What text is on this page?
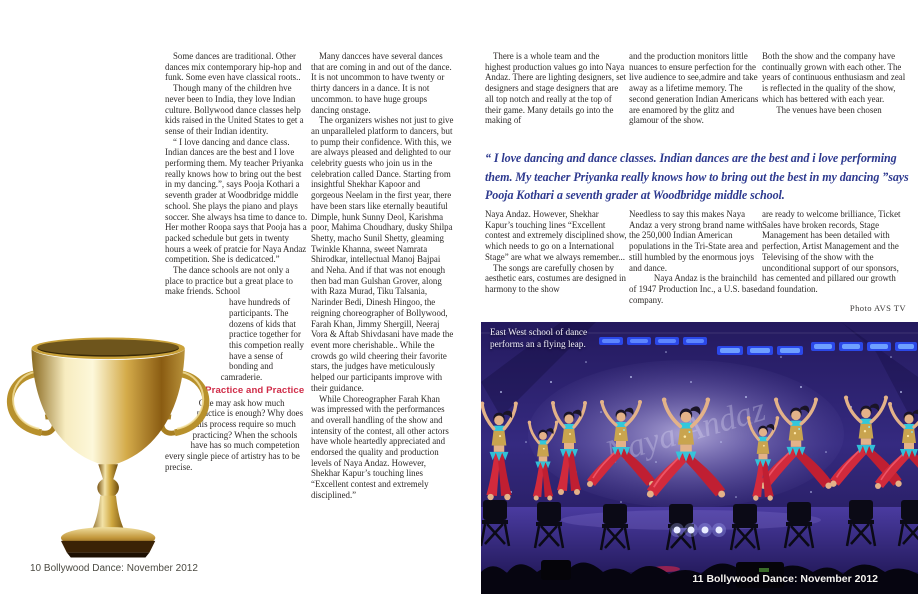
Some dances are traditional. Other dances mix contemporary hip-hop and funk. Some even have classical roots..

Though many of the children hve never been to India, they love Indian culture. Bollywood dance classes help kids raised in the United States to get a sense of their Indian identity.

“ I love dancing and dance class. Indian dances are the best and I love performing them. My teacher Priyanka really knows how to bring out the best in my dancing.”, says Pooja Kothari a seventh grader at Woodbridge middle school. She plays the piano and plays soccer. She always hsa time to dance to. Her mother Roopa says that Pooja has a packed schedule but gets in twenty hours a week of pratcie for Naya Andaz competition. She is dedicatced.”

The dance schools are not only a place to practice but a great place to make friends. School

have hundreds of participants. The dozens of kids that practice together for this competion really have a sense of bonding and camraderie.

Practice and Practice

One may ask how much practice is enough? Why does this process require so much practicing? When the schools have has so much competetion every single piece of artistry has to be precise.

Many dancces have several dances that are coming in and out of the dance. It is not uncommon to have twenty or thirty dancers in a dance. It is not uncommon. to have huge groups dancing onstage.

The organizers wishes not just to give an unparalleled platform to dancers, but to pump their confidence. With this, we are always pleased and delighted to our celebrity guests who join us in the celebration called Dance. Starting from insightful Shekhar Kapoor and gorgeous Neelam in the first year, there have been stars like eternally beautiful Dimple, hunk Sunny Deol, Karishma poor, Mahima Choudhary, dusky Shilpa Shetty, macho Sunil Shetty, gleaming Twinkle Khanna, sweet Namrata Shirodkar, intellectual Manoj Bajpai and Neha. And if that was not enough then bad man Gulshan Grover, along with Raza Murad, Tiku Talsania, Narinder Bedi, Dinesh Hingoo, the reigning choreographer of Bollywood, Farah Khan, Jimmy Shergill, Neeraj Vora & Aftab Shivdasani have made the event more cherishable.. While the crowds go wild cheering their favorite stars, the judges have meticulously helped our participants improve with their guidance.

While Choreographer Farah Khan was impressed with the performances and overall handling of the show and intensity of the contest, all other actors have whole heartedly appreciated and endorsed the quality and production levels of Naya Andaz. However, Shekhar Kapur’s touching lines “Excellent contest and extremely disciplined.”

10 Bollywood Dance: November 2012

There is a whole team and the highest production values go into Naya Andaz. There are lighting designers, set designers and stage designers that are all top notch and really at the top of their game. Many details go into the making of

and the production monitors little nuances to ensure perfection for the live audience to see,admire and take away as a lifetime memory. The second generation Indian Americans are enamored by the glitz and glamour of the show.

Both the show and the company have continually grown with each other. The years of continuous enthusiasm and zeal is reflected in the quality of the show, which has bettered with each year.

The venues have been chosen

“ I love dancing and dance classes. Indian dances are the best and i love performing them. My teacher Priyanka really knows how to bring out the best in my dancing ”says Pooja Kothari a seventh grader at Woodbridge middle school.

Naya Andaz. However, Shekhar Kapur’s touching lines “Excellent contest and extremely disciplined show, which needs to go on a International Stage” are what we always remember...

The songs are carefully chosen by aesthetic ears, costumes are designed in harmony to the show

Needless to say this makes Naya Andaz a very strong brand name with the 250,000 Indian American populations in the Tri-State area and still humbled by the enormous joys and dance.

Naya Andaz is the brainchild of 1947 Production Inc., a U.S. based company.

are ready to welcome brilliance, Ticket Sales have broken records, Stage Management has been detailed with perfection, Artist Management and the Televising of the show with the unconditional support of our sponsors, has cemented and pillared our growth and foundation.

Photo AVS TV
Naya Andaz
East West school of dance
performs an a flying leap.
11 Bollywood Dance: November 2012
